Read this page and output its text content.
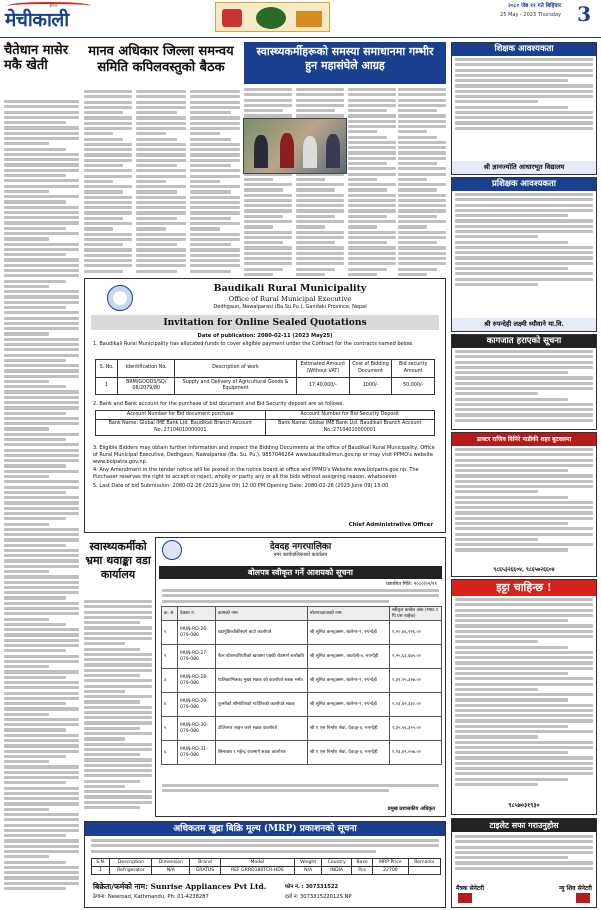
दैनिक
मेचीकाली
२०८० जेष्ठ ११ गते बिहिवार
25 May - 2023 Thursday 3
चैतेधान मासेर मकै खेती
मानव अधिकार जिल्ला समन्वय समिति कपिलवस्तुको बैठक
स्वास्थ्यकर्मीहरूको समस्या समाधानमा गम्भीर हुन महासंघेले आग्रह
Baudikali Rural Municipality
Office of Rural Municipal Executive
Dedhgaun, Nawalparasi (Ba.Su.Pu.), Gandaki Province, Nepal
Invitation for Online Sealed Quotations
Date of publication: 2080-02-11 (2023 May25)
1. Baudikali Rural Municipality has allocated funds to cover eligible payment under the Contract for the contracts named below.
S. No.	Identification No.	Description of work	Estimated Amount (Without VAT)	Cost of Bidding Document	Bid security Amount
1	BRM/GOODS/SQ/ 06/2079/80	Supply and Delivery of Agricultural Goods & Equipment	17,40,000/-	1000/-	50,000/-
2. Bank and Bank account for the purchase of bid document and Bid Security deposit are as follows.
Account Number for Bid document purchase	Account Number for Bid Security Deposit
Bank Name: Global IME Bank Ltd. Baudikali Branch Account No.:27104010000001	Bank Name: Global IME Bank Ltd. Baudikali Branch Account No.:27104010000001
3. Eligible Bidders may obtain further information and inspect the Bidding Documents at the office of Baudikali Rural Municipality, Office of Rural Municipal Executive, Dedhgaun, Nawalparasi (Ba. Su. Pu.), 9857046264 www.baudikalimun.gov.np or may visit PPMO's website www.bolpatra.gov.np.
4. Any Amendment in the tender notice will be posted in the notice board at office and PPMO's Website www.bolpatra.gov.np. The Purchaser reserves the right to accept or reject, wholly or partly any or all the bids without assigning reason, whatsoever.
5. Last Date of bid Submission: 2080-02-26 (2023 June 09) 12:00 PM Opening Date: 2080-02-26 (2023 June 09) 13:00
Chief Administrative Officer
स्वास्थ्यकर्मीको भ्रमा थवाङ्का वडा कार्यालय
देवदह नगरपालिका
नगर कार्यपालिकाको कार्यालय
बोलपत्र स्वीकृत गर्ने आशयको सूचना
प्रकाशित मिति: २०८०/०२/११
क्र. सं.	ठेक्का नं.	कामको नाम	बोलपत्रदाताको नाम	स्वीकृत कबोल अंक (भ्याट र पि.एस बाहेक)
१	MUN-RD-26-079-080	वडागुंडिच्चौकीस्वर्ग बाटो कालोपत्रे	श्री सुमित कन्स्ट्रक्सन, बालेनर-१, रुपन्देही	१,२०,४६,२२६.००
२	MUN-RD-27-079-080	फैल स्टेशनवरिपरिको खण्डमा पक्की रोडमार्ग स्तरोन्नति	श्री सुमित कन्स्ट्रक्सन, आर्ताली-४, रुपन्देही	१,२५,६३,६७५.००
३	MUN-RD-28-079-080	पालिकाभित्रका मुख्य सडक को कालोपत्रे सडक मर्मत	श्री सुमित कन्स्ट्रक्सन, बालेनर-१, रुपन्देही	१,३१,२५,३२७.००
४	MUN-RD-29-079-080	तुल्सीको सीमातिरको गाउँतिरको कालोपत्रे सडक	श्री सुमित कन्स्ट्रक्सन, बालेनर-१, रुपन्देही	१,०३,४२,३३०.००
५	MUN-RD-30-079-080	टोलिनगर लाइन जाने सडक कालोपत्रे	श्री ए एस निर्माण सेवा, देवदह-४, रुपन्देही	१,३५,५६,३२५.००
६	MUN-RD-31-079-080	सिमरवार र महेन्द्र राजमार्ग सडक कालोपत्र	श्री ए एस निर्माण सेवा, देवदह-४, रुपन्देही	१,२३,४९,०५७.००
प्रमुख प्रशासकीय अधिकृत
अधिकतम खुद्रा बिक्रि मूल्य (MRP) प्रकाशनको सूचना
S.N.	Description	Dimension	Brand	Model	Weight	Country	Base	MRP Price	Remarks
1	Refrigerator	N/A	GRATUS	REF GRRD180TCR-HDS	N/A	INDIA	Pcs	22700	
बिक्रेता/फर्मको नाम: Sunrise Appliances Pvt Ltd.
ठेगाना: Newroad, Kathmandu, Ph: 01-4238287
फोन नं. : 307331522
दर्ता नं: 307331522012S NP
शिक्षक आवश्यकता
श्री ज्ञानज्योति आधारभूत विद्यालय
प्रशिक्षक आवश्यकता
श्री रुपन्देही लक्ष्मी ध्यौवाने मा.वि.
कागजात हराएको सूचना
डाक्टर राजिव विमिरे नाडीकी शहर बुटवलमा
९८६५३२६६०४, ९८६५७२६६०४
इट्टा चाहिन्छ !
९८५७०३१९३०
टाइलेट सफा गराउनुहोस
मैत्रक सेनेटरी	न्यु शिव सेनेटरी
